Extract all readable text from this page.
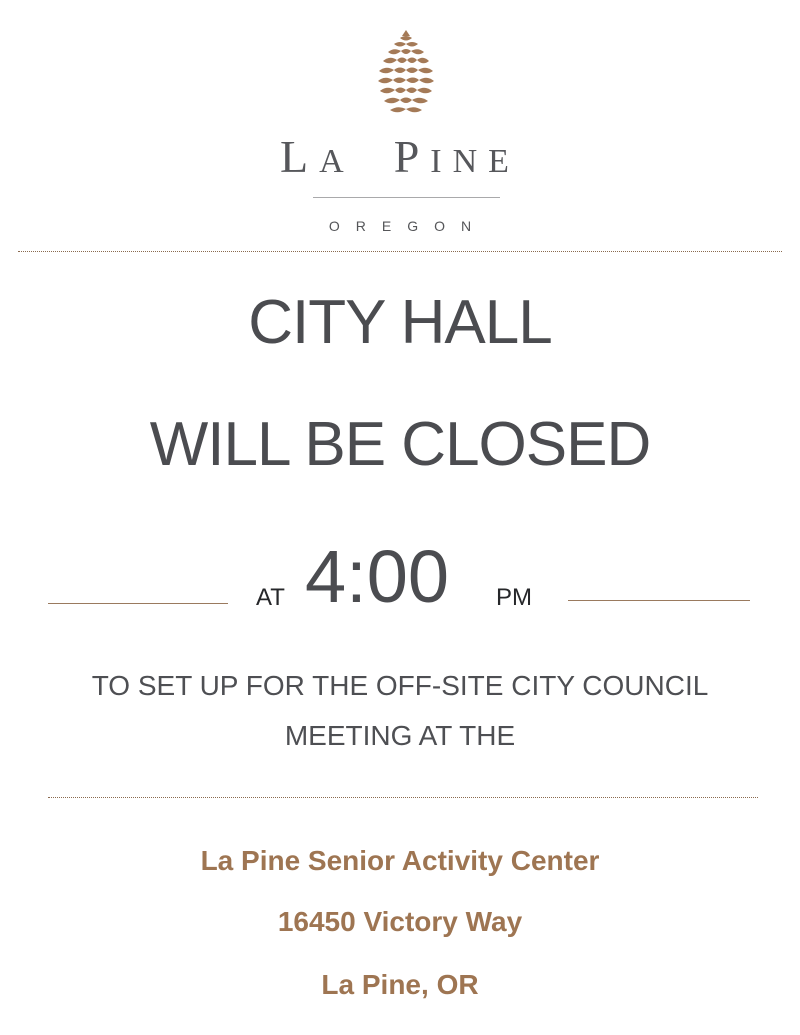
LA PINE
OREGON
CITY HALL
WILL BE CLOSED
AT 4:00 PM
TO SET UP FOR THE OFF-SITE CITY COUNCIL
MEETING AT THE
La Pine Senior Activity Center
16450 Victory Way
La Pine, OR
